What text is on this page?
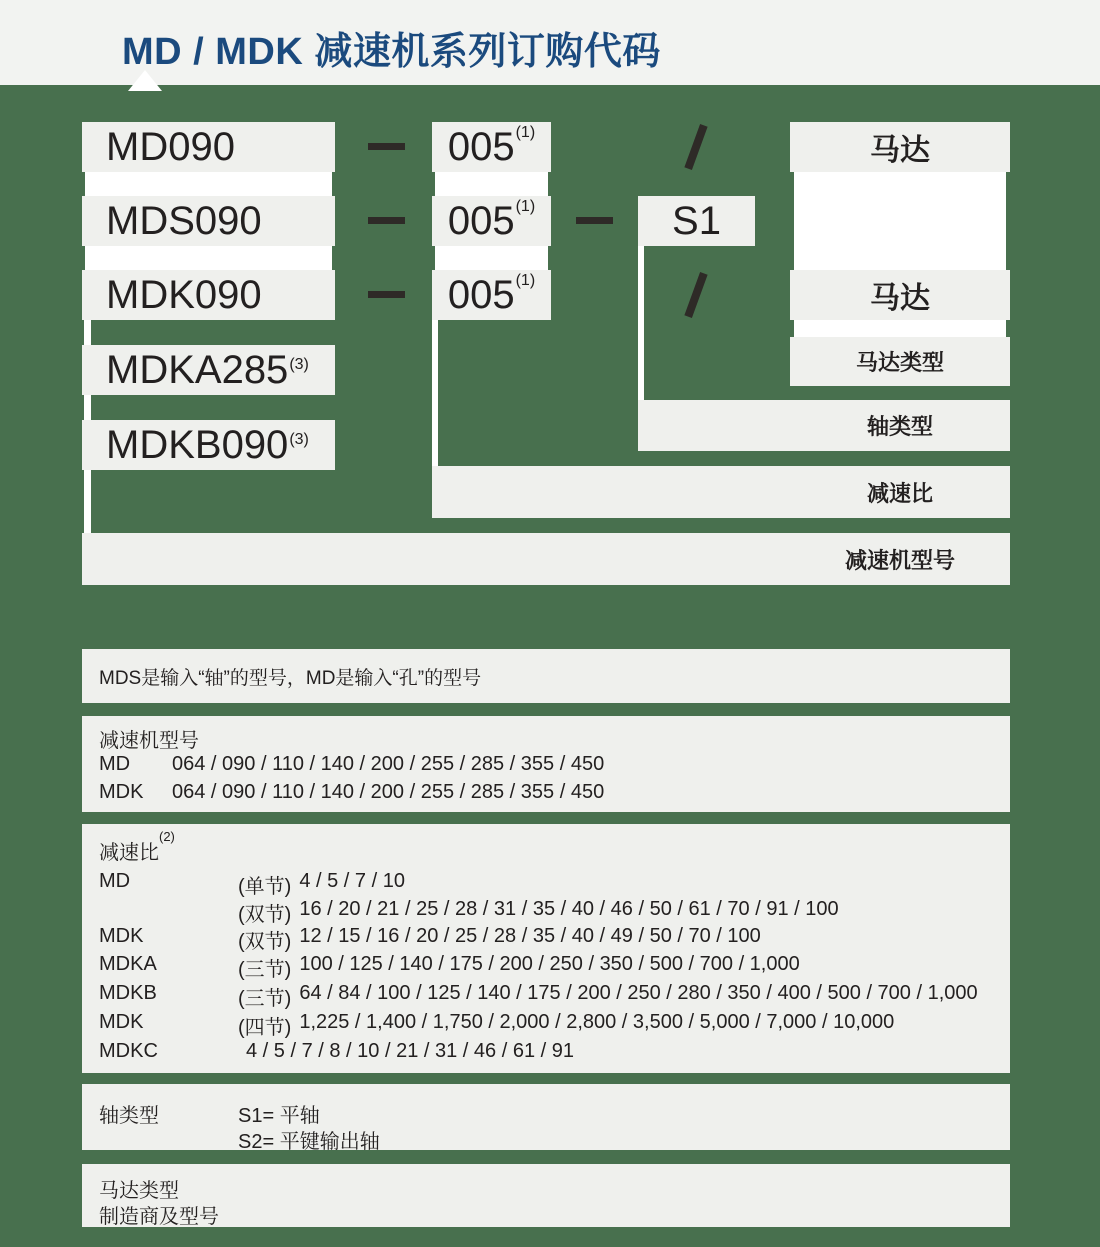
MD / MDK 减速机系列订购代码
MD090
MDS090
MDK090
MDKA285$^{(3)}$
MDKB090$^{(3)}$
005 (1)
005 (1)
005 (1)
S1
马达
马达
马达类型
轴类型
减速比
减速机型号
MDS是输入“轴”的型号，MD是输入“孔”的型号
减速机型号
MD	064 / 090 / 110 / 140 / 200 / 255 / 285 / 355 / 450
MDK	064 / 090 / 110 / 140 / 200 / 255 / 285 / 355 / 450
减速比
(2)
MD	(单节) 4 / 5 / 7 / 10
(双节) 16 / 20 / 21 / 25 / 28 / 31 / 35 / 40 / 46 / 50 / 61 / 70 / 91 / 100
MDK	(双节) 12 / 15 / 16 / 20 / 25 / 28 / 35 / 40 / 49 / 50 / 70 / 100
MDKA	(三节) 100 / 125 / 140 / 175 / 200 / 250 / 350 / 500 / 700 / 1,000
MDKB	(三节) 64 / 84 / 100 / 125 / 140 / 175 / 200 / 250 / 280 / 350 / 400 / 500 / 700 / 1,000
MDK	(四节) 1,225 / 1,400 / 1,750 / 2,000 / 2,800 / 3,500 / 5,000 / 7,000 / 10,000
MDKC	4 / 5 / 7 / 8 / 10 / 21 / 31 / 46 / 61 / 91
轴类型	S1= 平轴
S2= 平键输出轴
马达类型
制造商及型号
